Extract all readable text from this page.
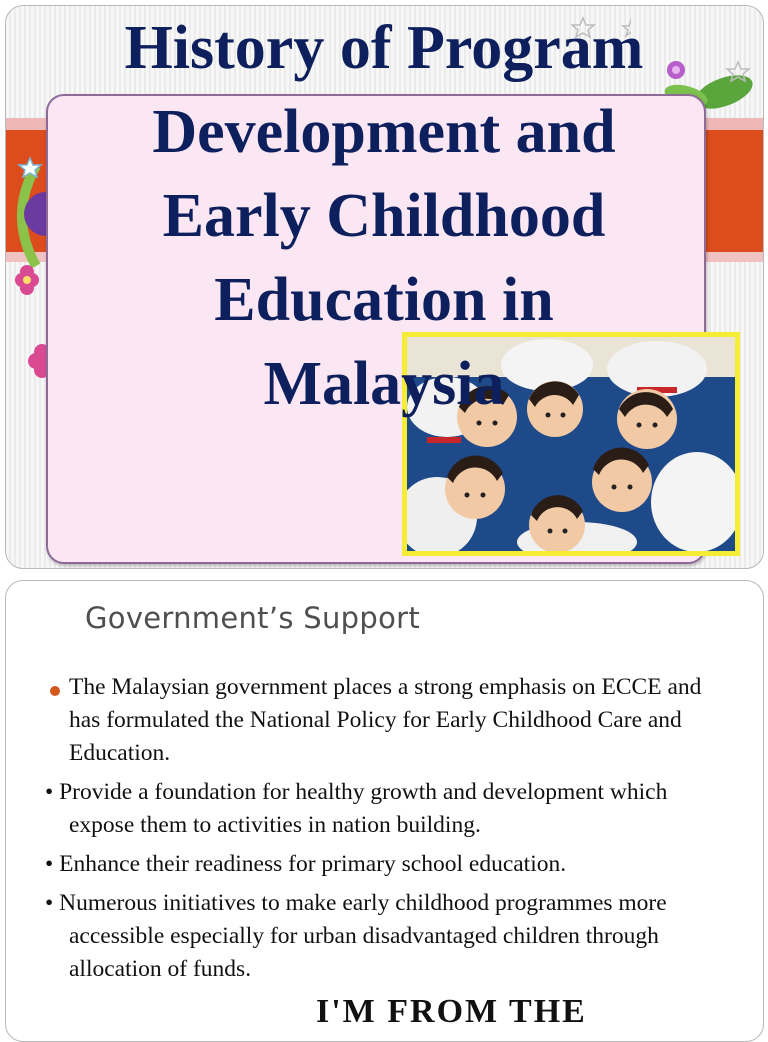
History of Program
Development and
Early Childhood
Education in
Malaysia
Government’s Support
The Malaysian government places a strong emphasis on ECCE and has formulated the National Policy for Early Childhood Care and Education.
• Provide a foundation for healthy growth and development which expose them to activities in nation building.
• Enhance their readiness for primary school education.
• Numerous initiatives to make early childhood programmes more accessible especially for urban disadvantaged children through allocation of funds.

I'M FROM THE
